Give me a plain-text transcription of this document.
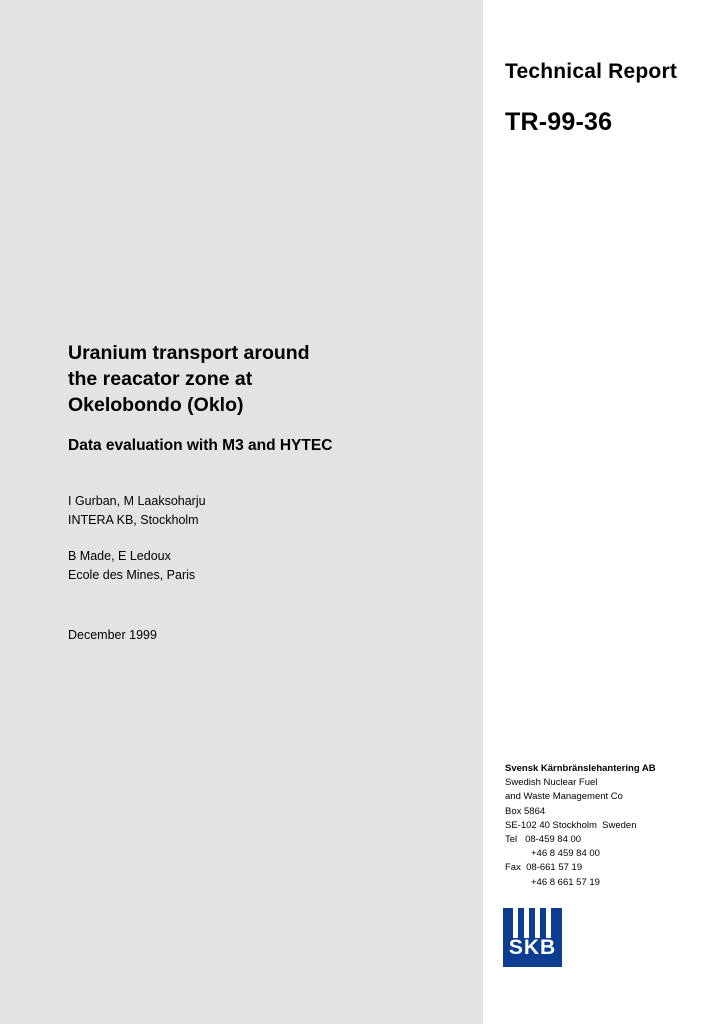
Technical Report
TR-99-36
Uranium transport around
the reacator zone at
Okelobondo (Oklo)
Data evaluation with M3 and HYTEC
I Gurban, M Laaksoharju
INTERA KB, Stockholm
B Made, E Ledoux
Ecole des Mines, Paris
December 1999
Svensk Kärnbränslehantering AB
Swedish Nuclear Fuel
and Waste Management Co
Box 5864
SE-102 40 Stockholm  Sweden
Tel 08-459 84 00
+46 8 459 84 00
Fax 08-661 57 19
+46 8 661 57 19
SKB
